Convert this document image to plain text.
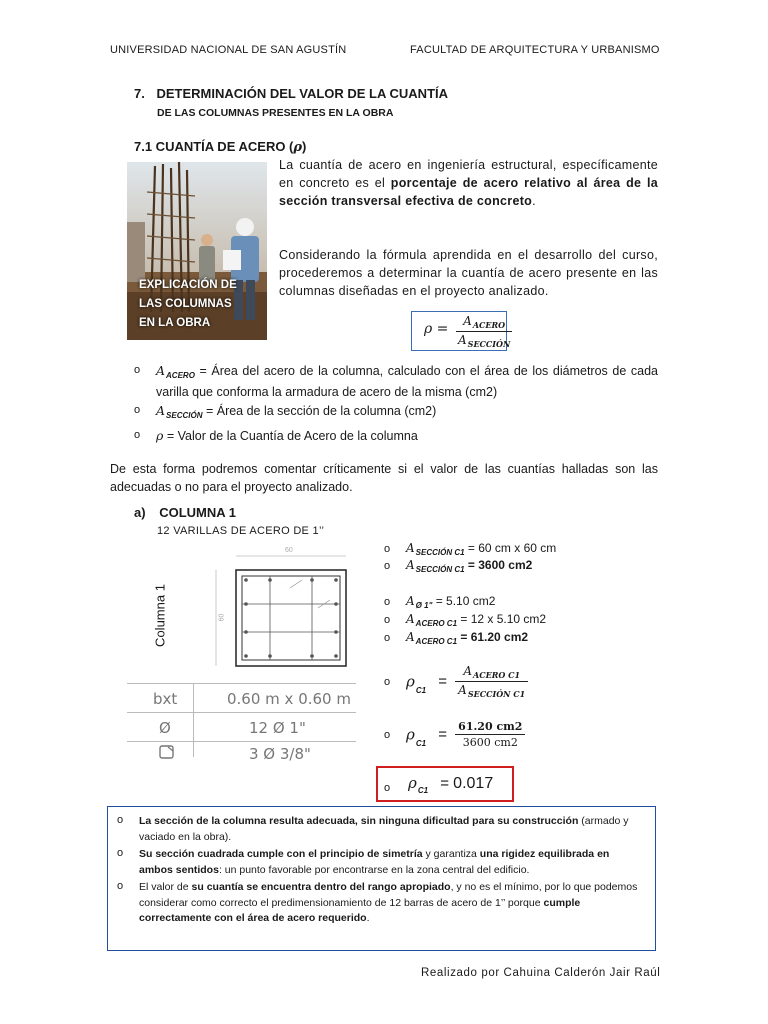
UNIVERSIDAD NACIONAL DE SAN AGUSTÍN	FACULTAD DE ARQUITECTURA Y URBANISMO
7. DETERMINACIÓN DEL VALOR DE LA CUANTÍA
DE LAS COLUMNAS PRESENTES EN LA OBRA
7.1 CUANTÍA DE ACERO (ρ)
EXPLICACIÓN DE
LAS COLUMNAS
EN LA OBRA
La cuantía de acero en ingeniería estructural, específicamente en concreto es el porcentaje de acero relativo al área de la sección transversal efectiva de concreto.
Considerando la fórmula aprendida en el desarrollo del curso, procederemos a determinar la cuantía de acero presente en las columnas diseñadas en el proyecto analizado.
ρ =	$A_{ACERO}$
$A_{SECCIÓN}$
o	$A_{ACERO}$ = Área del acero de la columna, calculado con el área de los diámetros de cada varilla que conforma la armadura de acero de la misma (cm2)
o	$A_{SECCIÓN}$ = Área de la sección de la columna (cm2)
o	ρ = Valor de la Cuantía de Acero de la columna
De esta forma podremos comentar críticamente si el valor de las cuantías halladas son las adecuadas o no para el proyecto analizado.
a) COLUMNA 1
12 VARILLAS DE ACERO DE 1’’
60
60
Columna 1
bxt	0.60 m x 0.60 m
Ø	12 Ø 1"
3 Ø 3/8"
o $A_{SECCIÓN C1} = 60$ cm x 60 cm
o $A_{SECCIÓN C1} = 3600$ cm2
o $A_{Ø 1"} = 5.10$ cm2
o $A_{ACERO C1} = 12$ x 5.10 cm2
o $A_{ACERO C1} = 61.20$ cm2
o $\rho_{C1} = \frac{A_{ACERO C1}}{A_{SECCIÓN C1}}$
o $\rho_{C1} = \frac{61.20 cm2}{3600 cm2}$
o	$\rho_{C1} = 0.017$
o	La sección de la columna resulta adecuada, sin ninguna dificultad para su construcción (armado y vaciado en la obra).
o	Su sección cuadrada cumple con el principio de simetría y garantiza una rigidez equilibrada en ambos sentidos: un punto favorable por encontrarse en la zona central del edificio.
o	El valor de su cuantía se encuentra dentro del rango apropiado, y no es el mínimo, por lo que podemos considerar como correcto el predimensionamiento de 12 barras de acero de 1’’ porque cumple correctamente con el área de acero requerido.
Realizado por Cahuina Calderón Jair Raúl
